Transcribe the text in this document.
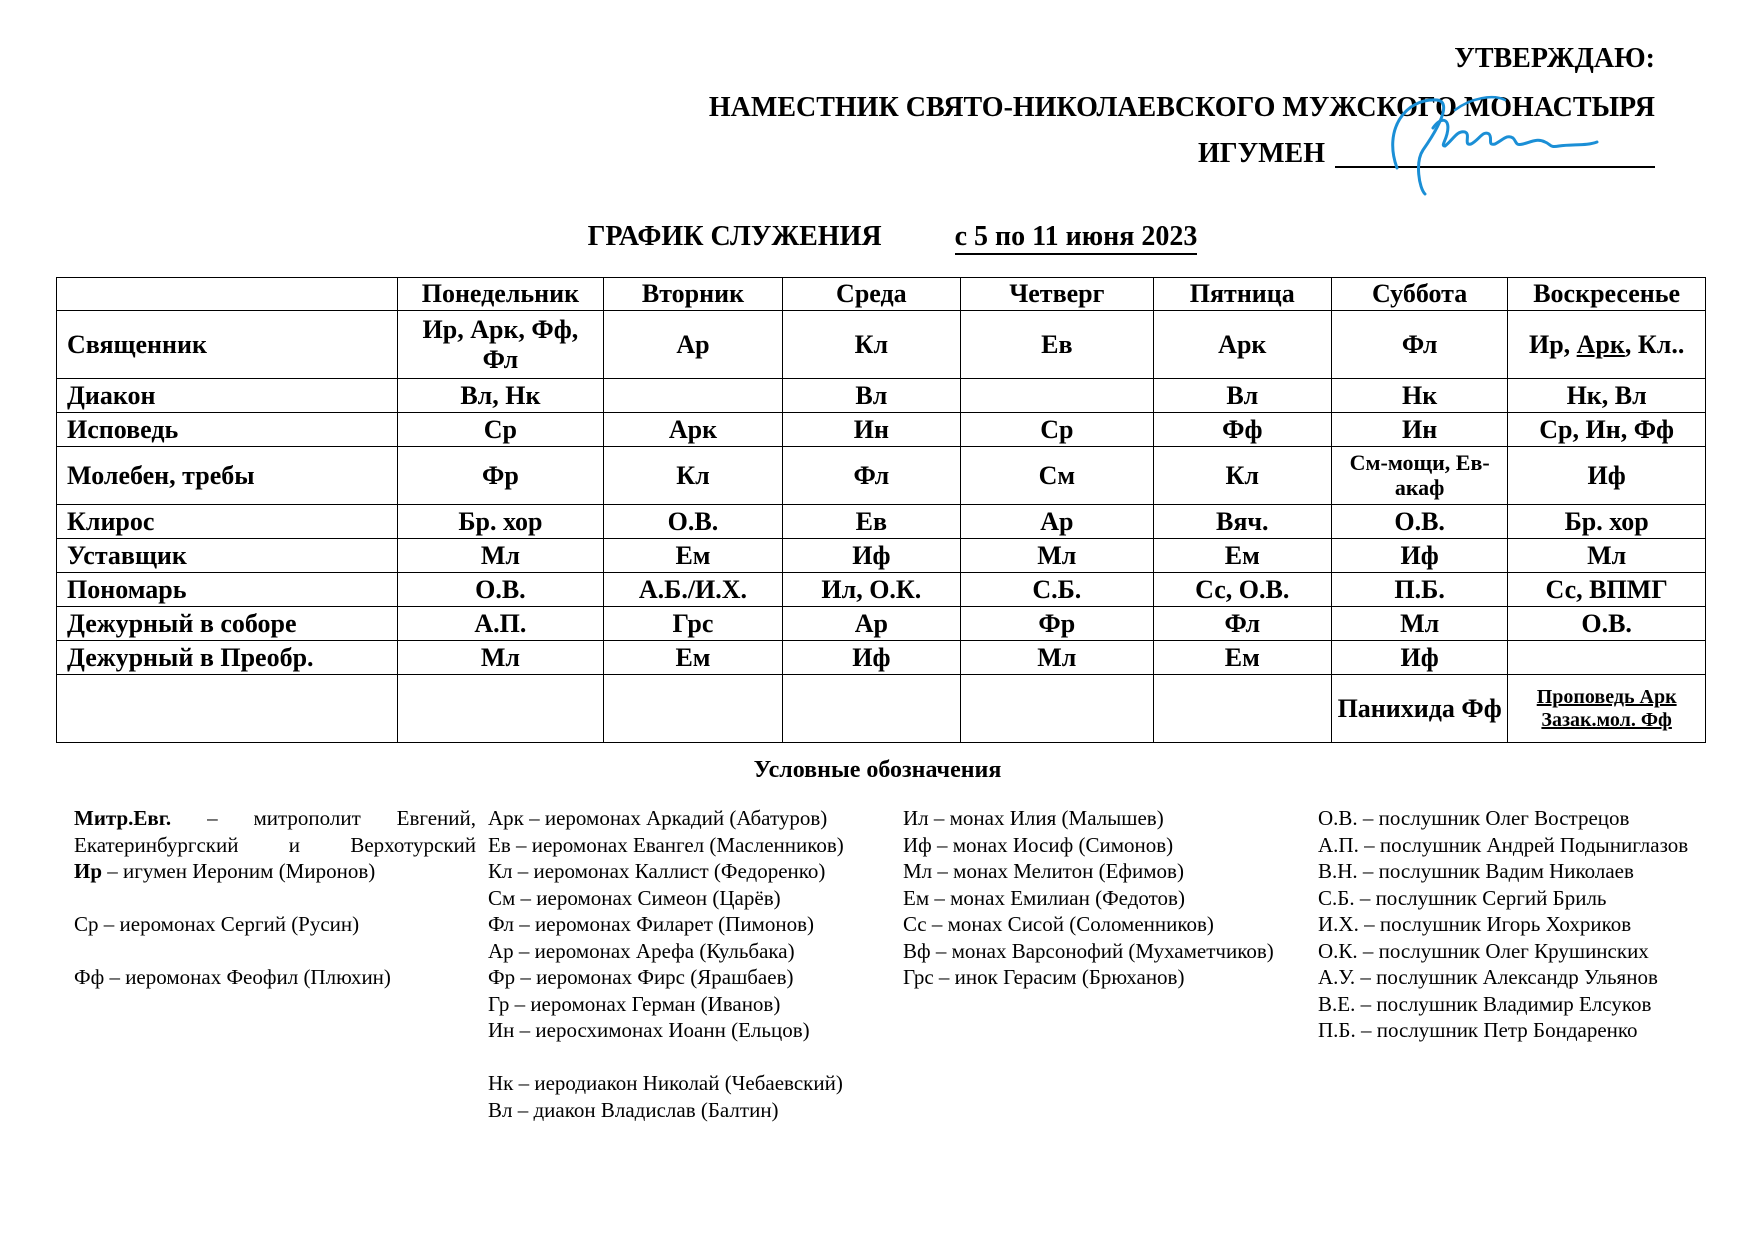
УТВЕРЖДАЮ:
НАМЕСТНИК СВЯТО-НИКОЛАЕВСКОГО МУЖСКОГО МОНАСТЫРЯ
ИГУМЕН
ГРАФИК СЛУЖЕНИЯ	с 5 по 11 июня 2023
	Понедельник	Вторник	Среда	Четверг	Пятница	Суббота	Воскресенье
Священник	Ир, Арк, Фф, Фл	Ар	Кл	Ев	Арк	Фл	Ир, Арк, Кл..
Диакон	Вл, Нк		Вл		Вл	Нк	Нк, Вл
Исповедь	Ср	Арк	Ин	Ср	Фф	Ин	Ср, Ин, Фф
Молебен, требы	Фр	Кл	Фл	См	Кл	См-мощи, Ев-акаф	Иф
Клирос	Бр. хор	О.В.	Ев	Ар	Вяч.	О.В.	Бр. хор
Уставщик	Мл	Ем	Иф	Мл	Ем	Иф	Мл
Пономарь	О.В.	А.Б./И.Х.	Ил, О.К.	С.Б.	Сс, О.В.	П.Б.	Сс, ВПМГ
Дежурный в соборе	А.П.	Грс	Ар	Фр	Фл	Мл	О.В.
Дежурный в Преобр.	Мл	Ем	Иф	Мл	Ем	Иф	
						Панихида Фф	Проповедь Арк
Зазак.мол. Фф
Условные обозначения
Митр.Евг. – митрополит Евгений, Екатеринбургский и Верхотурский
Ир – игумен Иероним (Миронов)
Ср – иеромонах Сергий (Русин)
Фф – иеромонах Феофил (Плюхин)
Арк – иеромонах Аркадий (Абатуров)
Ев – иеромонах Евангел (Масленников)
Кл – иеромонах Каллист (Федоренко)
См – иеромонах Симеон (Царёв)
Фл – иеромонах Филарет (Пимонов)
Ар – иеромонах Арефа (Кульбака)
Фр – иеромонах Фирс (Ярашбаев)
Гр – иеромонах Герман (Иванов)
Ин – иеросхимонах Иоанн (Ельцов)
Нк – иеродиакон Николай (Чебаевский)
Вл – диакон Владислав (Балтин)
Ил – монах Илия (Малышев)
Иф – монах Иосиф (Симонов)
Мл – монах Мелитон (Ефимов)
Ем – монах Емилиан (Федотов)
Сс – монах Сисой (Соломенников)
Вф – монах Варсонофий (Мухаметчиков)
Грс – инок Герасим (Брюханов)
О.В. – послушник Олег Вострецов
А.П. – послушник Андрей Подыниглазов
В.Н. – послушник Вадим Николаев
С.Б. – послушник Сергий Бриль
И.Х. – послушник Игорь Хохриков
О.К. – послушник Олег Крушинских
А.У. – послушник Александр Ульянов
В.Е. – послушник Владимир Елсуков
П.Б. – послушник Петр Бондаренко
